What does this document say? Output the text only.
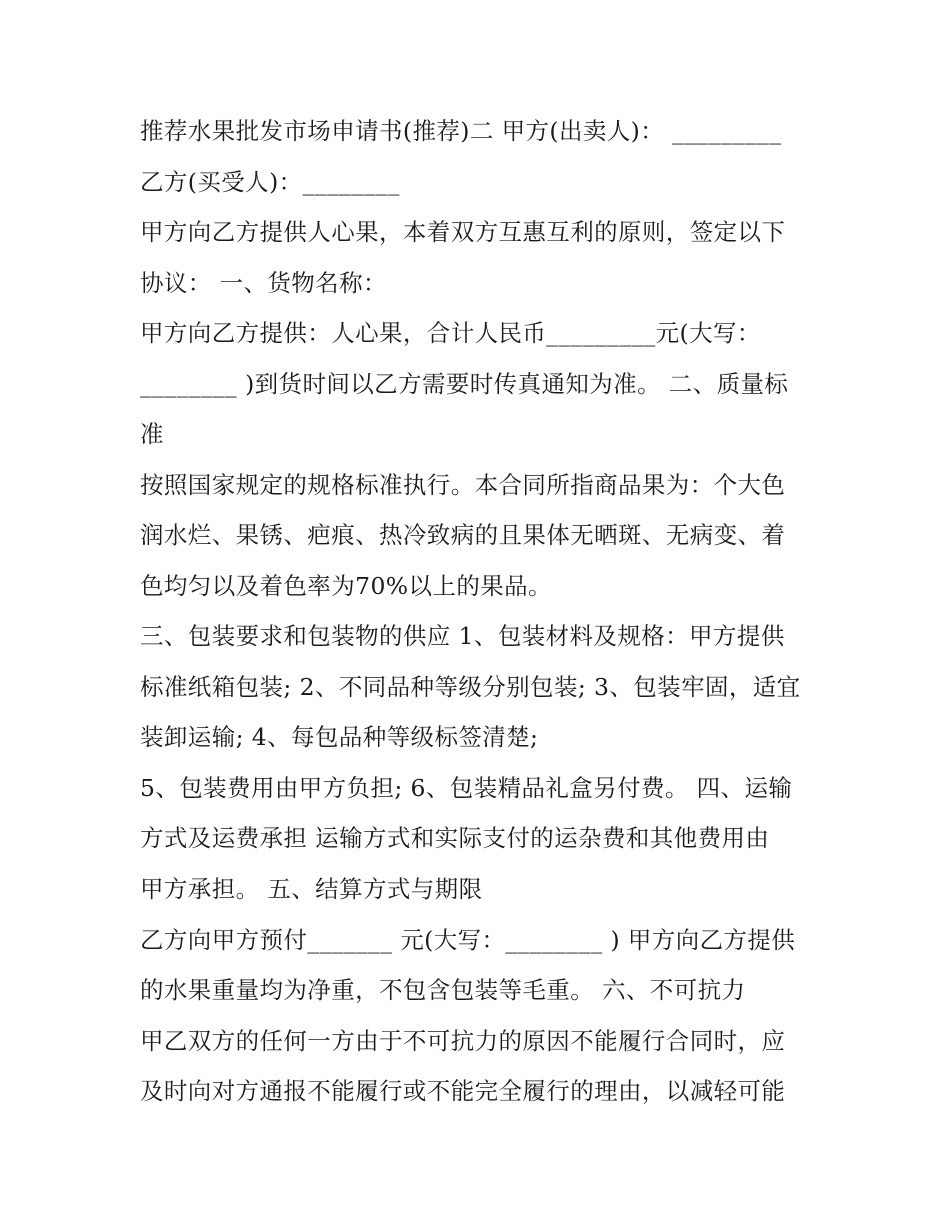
推荐水果批发市场申请书(推荐)二 甲方(出卖人)： _________
乙方(买受人)：________
甲方向乙方提供人心果，本着双方互惠互利的原则，签定以下
协议： 一、货物名称：
甲方向乙方提供：人心果，合计人民币_________元(大写：
________ )到货时间以乙方需要时传真通知为准。 二、质量标
准
按照国家规定的规格标准执行。本合同所指商品果为：个大色
润水烂、果锈、疤痕、热冷致病的且果体无晒斑、无病变、着
色均匀以及着色率为70%以上的果品。
三、包装要求和包装物的供应 1、包装材料及规格：甲方提供
标准纸箱包装; 2、不同品种等级分别包装; 3、包装牢固，适宜
装卸运输; 4、每包品种等级标签清楚;
5、包装费用由甲方负担; 6、包装精品礼盒另付费。 四、运输
方式及运费承担 运输方式和实际支付的运杂费和其他费用由
甲方承担。 五、结算方式与期限
乙方向甲方预付_______ 元(大写：________ ) 甲方向乙方提供
的水果重量均为净重，不包含包装等毛重。 六、不可抗力
甲乙双方的任何一方由于不可抗力的原因不能履行合同时，应
及时向对方通报不能履行或不能完全履行的理由，以减轻可能
